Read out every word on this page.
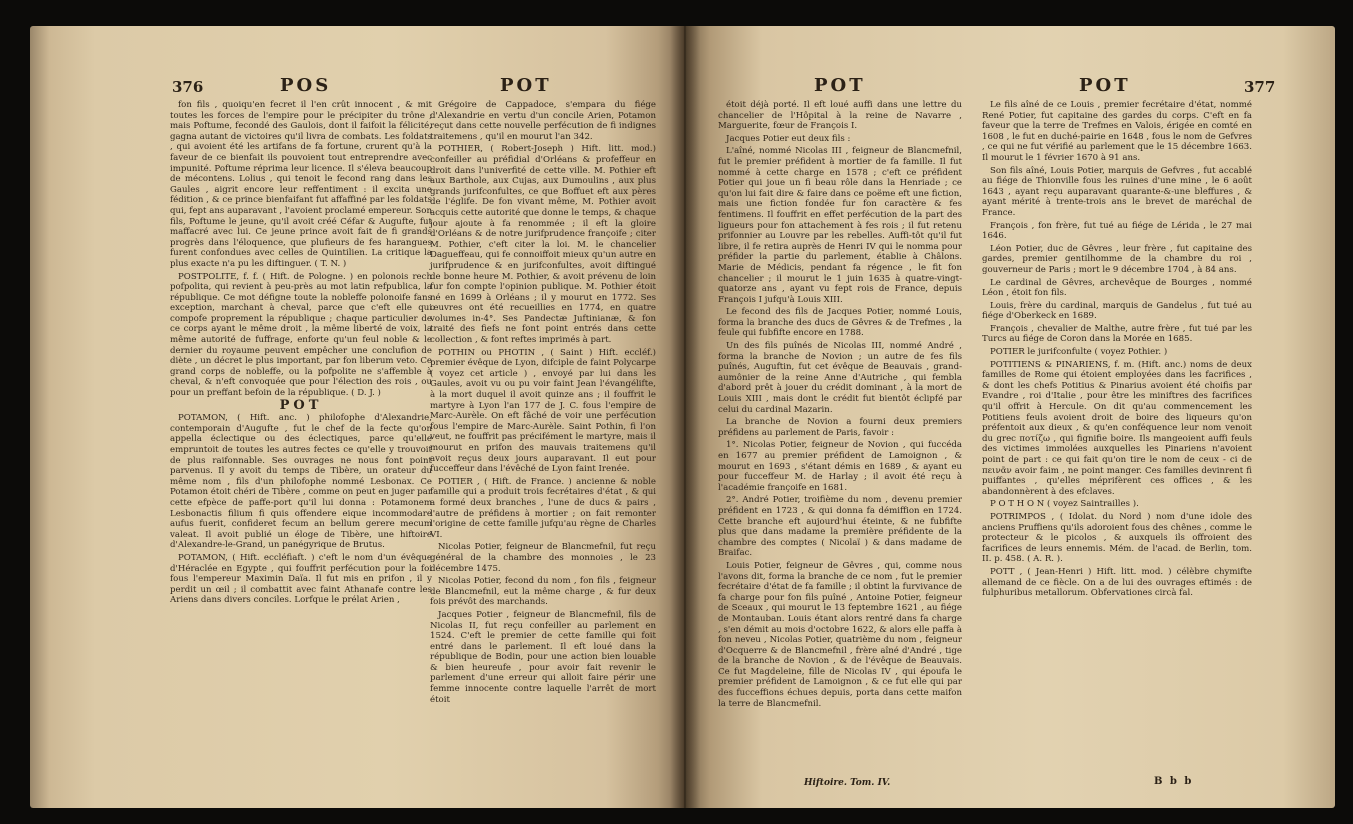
376	POS	POT

fon fils , quoiqu'en fecret il l'en crût innocent , & mit toutes les forces de l'empire pour le précipiter du trône ; mais Poftume, fecondé des Gaulois, dont il faifoit la félicité, gagna autant de victoires qu'il livra de combats. Les foldats , qui avoient été les artifans de fa fortune, crurent qu'à la faveur de ce bienfait ils pouvoient tout entreprendre avec impunité. Poftume réprima leur licence. Il s'éleva beaucoup de mécontens. Lolius , qui tenoit le fecond rang dans les Gaules , aigrit encore leur reffentiment : il excita une fédition , & ce prince bienfaifant fut affaffiné par les foldats qui, fept ans auparavant , l'avoient proclamé empereur. Son fils, Poftume le jeune, qu'il avoit créé Céfar & Augufte, fut maffacré avec lui. Ce jeune prince avoit fait de fi grands progrès dans l'éloquence, que plufieurs de fes harangues furent confondues avec celles de Quintilien. La critique la plus exacte n'a pu les diftinguer. ( T. N. )

POSTPOLITE, f. f. ( Hift. de Pologne. ) en polonois rech pofpolita, qui revient à peu-près au mot latin refpublica, la république. Ce mot défigne toute la nobleffe polonoife fans exception, marchant à cheval, parce que c'eft elle qui compofe proprement la république ; chaque particulier de ce corps ayant le même droit , la même liberté de voix, la même autorité de fuffrage, enforte qu'un feul noble & le dernier du royaume peuvent empêcher une conclufion de diète , un décret le plus important, par fon liberum veto. Ce grand corps de nobleffe, ou la pofpolite ne s'affemble à cheval, & n'eft convoquée que pour l'élection des rois , ou pour un preffant befoin de la république. ( D. J. )

POT

POTAMON, ( Hift. anc. ) philofophe d'Alexandrie, contemporain d'Augufte , fut le chef de la fecte qu'on appella éclectique ou des éclectiques, parce qu'elle empruntoit de toutes les autres fectes ce qu'elle y trouvoit de plus raifonnable. Ses ouvrages ne nous font point parvenus. Il y avoit du temps de Tibère, un orateur du même nom , fils d'un philofophe nommé Lesbonax. Ce Potamon étoit chéri de Tibère , comme on peut en juger par cette efpèce de paffe-port qu'il lui donna : Potamonem Lesbonactis filium fi quis offendere eique incommodare aufus fuerit, confideret fecum an bellum gerere mecum valeat. Il avoit publié un éloge de Tibère, une hiftoire d'Alexandre-le-Grand, un panégyrique de Brutus.

POTAMON, ( Hift. eccléfiaft. ) c'eft le nom d'un évêque d'Héraclée en Egypte , qui fouffrit perfécution pour la foi fous l'empereur Maximin Daïa. Il fut mis en prifon , il y perdit un œil ; il combattit avec faint Athanafe contre les Ariens dans divers conciles. Lorfque le prélat Arien ,

Grégoire de Cappadoce, s'empara du fiége d'Alexandrie en vertu d'un concile Arien, Potamon reçut dans cette nouvelle perfécution de fi indignes traitemens , qu'il en mourut l'an 342.

POTHIER, ( Robert-Joseph ) Hift. litt. mod.) confeiller au préfidial d'Orléans & profeffeur en droit dans l'univerfité de cette ville. M. Pothier eft aux Barthole, aux Cujas, aux Dumoulins , aux plus grands jurifconfultes, ce que Boffuet eft aux pères de l'églife. De fon vivant même, M. Pothier avoit acquis cette autorité que donne le temps, & chaque jour ajoute à fa renommée ; il eft la gloire d'Orléans & de notre jurifprudence françoife ; citer M. Pothier, c'eft citer la loi. M. le chancelier Dagueffeau, qui fe connoiffoit mieux qu'un autre en jurifprudence & en jurifconfultes, avoit diftingué de bonne heure M. Pothier, & avoit prévenu de loin fur fon compte l'opinion publique. M. Pothier étoit né en 1699 à Orléans ; il y mourut en 1772. Ses œuvres ont été recueillies en 1774, en quatre volumes in-4°. Ses Pandectæ Juftinianæ, & fon traité des fiefs ne font point entrés dans cette collection , & font reftes imprimés à part.

POTHIN ou PHOTIN , ( Saint ) Hift. eccléf.) premier évêque de Lyon, difciple de faint Polycarpe ( voyez cet article ) , envoyé par lui dans les Gaules, avoit vu ou pu voir faint Jean l'évangélifte, à la mort duquel il avoit quinze ans ; il fouffrit le martyre à Lyon l'an 177 de J. C. fous l'empire de Marc-Aurèle. On eft fâché de voir une perfécution fous l'empire de Marc-Aurèle. Saint Pothin, fi l'on veut, ne fouffrit pas précifément le martyre, mais il mourut en prifon des mauvais traitemens qu'il avoit reçus deux jours auparavant. Il eut pour fucceffeur dans l'évêché de Lyon faint Irenée.

POTIER , ( Hift. de France. ) ancienne & noble famille qui a produit trois fecrétaires d'état , & qui a formé deux branches , l'une de ducs & pairs , l'autre de préfidens à mortier ; on fait remonter l'origine de cette famille jufqu'au règne de Charles VI.

Nicolas Potier, feigneur de Blancmefnil, fut reçu général de la chambre des monnoies , le 23 décembre 1475.

Nicolas Potier, fecond du nom , fon fils , feigneur de Blancmefnil, eut la même charge , & fur deux fois prévôt des marchands.

Jacques Potier , feigneur de Blancmefnil, fils de Nicolas II, fut reçu confeiller au parlement en 1524. C'eft le premier de cette famille qui foit entré dans le parlement. Il eft loué dans la république de Bodin, pour une action bien louable & bien heureufe , pour avoir fait revenir le parlement d'une erreur qui alloit faire périr une femme innocente contre laquelle l'arrêt de mort étoit

POT	POT	377

étoit déjà porté. Il eft loué auffi dans une lettre du chancelier de l'Hôpital à la reine de Navarre , Marguerite, fœur de François I.

Jacques Potier eut deux fils :

L'aîné, nommé Nicolas III , feigneur de Blancmefnil, fut le premier préfident à mortier de fa famille. Il fut nommé à cette charge en 1578 ; c'eft ce préfident Potier qui joue un fi beau rôle dans la Henriade ; ce qu'on lui fait dire & faire dans ce poëme eft une fiction, mais une fiction fondée fur fon caractère & fes fentimens. Il fouffrit en effet perfécution de la part des ligueurs pour fon attachement à fes rois ; il fut retenu prifonnier au Louvre par les rebelles. Auffi-tôt qu'il fut libre, il fe retira auprès de Henri IV qui le nomma pour préfider la partie du parlement, établie à Châlons. Marie de Médicis, pendant fa régence , le fit fon chancelier ; il mourut le 1 juin 1635 à quatre-vingt-quatorze ans , ayant vu fept rois de France, depuis François I jufqu'à Louis XIII.

Le fecond des fils de Jacques Potier, nommé Louis, forma la branche des ducs de Gêvres & de Trefmes , la feule qui fubfifte encore en 1788.

Un des fils puînés de Nicolas III, nommé André , forma la branche de Novion ; un autre de fes fils puînés, Auguftin, fut cet évêque de Beauvais , grand-aumônier de la reine Anne d'Autriche , qui fembla d'abord prêt à jouer du crédit dominant , à la mort de Louis XIII , mais dont le crédit fut bientôt éclipfé par celui du cardinal Mazarin.

La branche de Novion a fourni deux premiers préfidens au parlement de Paris, favoir :

1°. Nicolas Potier, feigneur de Novion , qui fuccéda en 1677 au premier préfident de Lamoignon , & mourut en 1693 , s'étant démis en 1689 , & ayant eu pour fucceffeur M. de Harlay ; il avoit été reçu à l'académie françoife en 1681.

2°. André Potier, troifième du nom , devenu premier préfident en 1723 , & qui donna fa démiffion en 1724. Cette branche eft aujourd'hui éteinte, & ne fubfifte plus que dans madame la première préfidente de la chambre des comptes ( Nicolaï ) & dans madame de Braifac.

Louis Potier, feigneur de Gêvres , qui, comme nous l'avons dit, forma la branche de ce nom , fut le premier fecrétaire d'état de fa famille ; il obtint la furvivance de fa charge pour fon fils puîné , Antoine Potier, feigneur de Sceaux , qui mourut le 13 feptembre 1621 , au fiége de Montauban. Louis étant alors rentré dans fa charge , s'en démit au mois d'octobre 1622, & alors elle paffa à fon neveu , Nicolas Potier, quatrième du nom , feigneur d'Ocquerre & de Blancmefnil , frère aîné d'André , tige de la branche de Novion , & de l'évêque de Beauvais. Ce fut Magdeleine, fille de Nicolas IV , qui époufa le premier préfident de Lamoignon , & ce fut elle qui par des fucceffions échues depuis, porta dans cette maifon la terre de Blancmefnil.

Le fils aîné de ce Louis , premier fecrétaire d'état, nommé René Potier, fut capitaine des gardes du corps. C'eft en fa faveur que la terre de Trefmes en Valois, érigée en comté en 1608 , le fut en duché-pairie en 1648 , fous le nom de Gefvres , ce qui ne fut vérifié au parlement que le 15 décembre 1663. Il mourut le 1 février 1670 à 91 ans.

Son fils aîné, Louis Potier, marquis de Gefvres , fut accablé au fiége de Thionville fous les ruines d'une mine , le 6 août 1643 , ayant reçu auparavant quarante-&-une bleffures , & ayant mérité à trente-trois ans le brevet de maréchal de France.

François , fon frère, fut tué au fiége de Lérida , le 27 mai 1646.

Léon Potier, duc de Gêvres , leur frère , fut capitaine des gardes, premier gentilhomme de la chambre du roi , gouverneur de Paris ; mort le 9 décembre 1704 , à 84 ans.

Le cardinal de Gêvres, archevêque de Bourges , nommé Léon , étoit fon fils.

Louis, frère du cardinal, marquis de Gandelus , fut tué au fiége d'Oberkeck en 1689.

François , chevalier de Malthe, autre frère , fut tué par les Turcs au fiége de Coron dans la Morée en 1685.

POTIER le jurifconfulte ( voyez Pothier. )

POTITIENS & PINARIENS, f. m. (Hift. anc.) noms de deux familles de Rome qui étoient employées dans les facrifices , & dont les chefs Potitius & Pinarius avoient été choifis par Evandre , roi d'Italie , pour être les miniftres des facrifices qu'il offrit à Hercule. On dit qu'au commencement les Potitiens feuls avoient droit de boire des liqueurs qu'on préfentoit aux dieux , & qu'en conféquence leur nom venoit du grec ποτίζω , qui fignifie boire. Ils mangeoient auffi feuls des victimes immolées auxquelles les Pinariens n'avoient point de part : ce qui fait qu'on tire le nom de ceux - ci de πεινᾶν avoir faim , ne point manger. Ces familles devinrent fi puiffantes , qu'elles méprifèrent ces offices , & les abandonnèrent à des efclaves.

P O T H O N ( voyez Saintrailles ).

POTRIMPOS , ( Idolat. du Nord ) nom d'une idole des anciens Pruffiens qu'ils adoroient fous des chênes , comme le protecteur & le picolos , & auxquels ils offroient des facrifices de leurs ennemis. Mém. de l'acad. de Berlin, tom. II. p. 458. ( A. R. ).

POTT , ( Jean-Henri ) Hift. litt. mod. ) célèbre chymifte allemand de ce fiècle. On a de lui des ouvrages eftimés : de fulphuribus metallorum. Obfervationes circà fal.

Hiftoire. Tom. IV.	B b b
